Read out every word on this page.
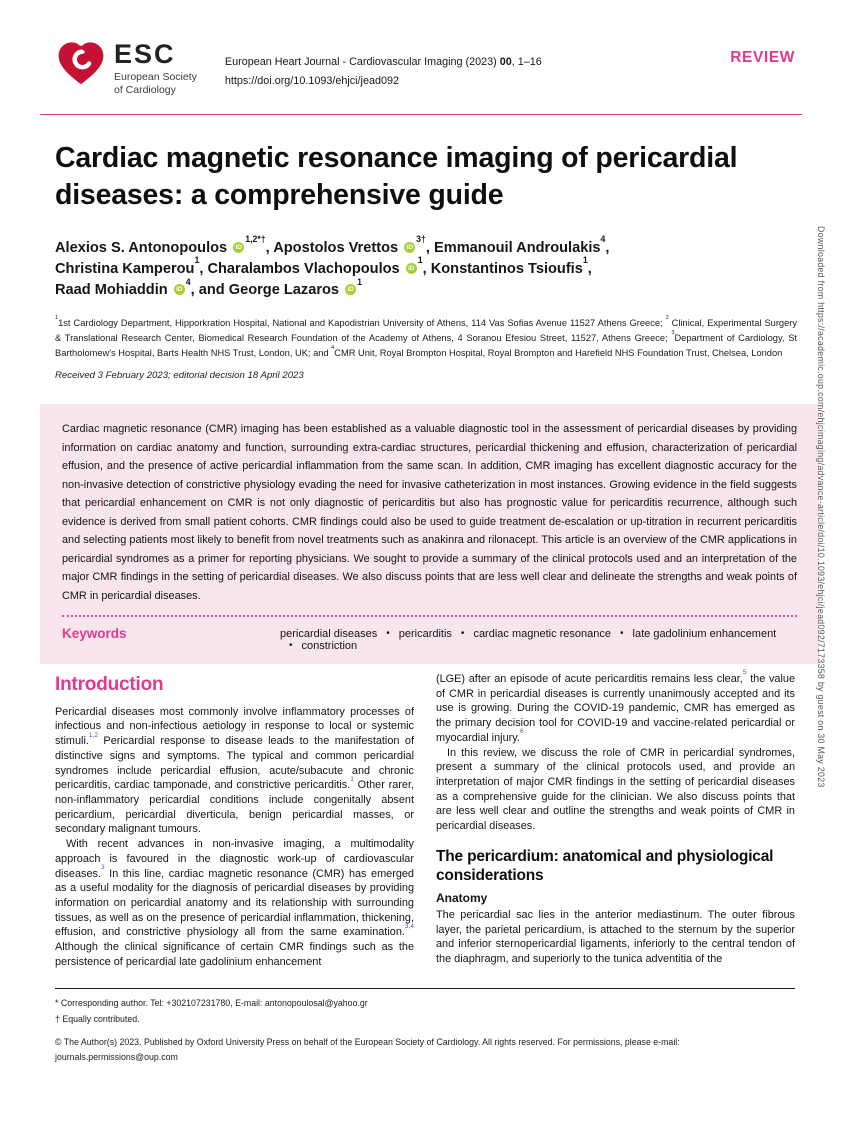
ESC
European Society
of Cardiology
European Heart Journal - Cardiovascular Imaging (2023) 00, 1–16
https://doi.org/10.1093/ehjci/jead092
REVIEW
Cardiac magnetic resonance imaging of pericardial diseases: a comprehensive guide
Alexios S. Antonopoulos $iD^{1,2*\dagger}$, Apostolos Vrettos $iD^{3\dagger}$, Emmanouil Androulakis$^4$,
Christina Kamperou$^1$, Charalambos Vlachopoulos $iD^1$, Konstantinos Tsioufis$^1$,
Raad Mohiaddin $iD^4$, and George Lazaros $iD^1$
$^1$1st Cardiology Department, Hipporkration Hospital, National and Kapodistrian University of Athens, 114 Vas Sofias Avenue 11527 Athens Greece; $^2$ Clinical, Experimental Surgery & Translational Research Center, Biomedical Research Foundation of the Academy of Athens, 4 Soranou Efesiou Street, 11527, Athens Greece; $^3$Department of Cardiology, St Bartholomew's Hospital, Barts Health NHS Trust, London, UK; and $^4$CMR Unit, Royal Brompton Hospital, Royal Brompton and Harefield NHS Foundation Trust, Chelsea, London
Received 3 February 2023; editorial decision 18 April 2023
Cardiac magnetic resonance (CMR) imaging has been established as a valuable diagnostic tool in the assessment of pericardial diseases by providing information on cardiac anatomy and function, surrounding extra-cardiac structures, pericardial thickening and effusion, characterization of pericardial effusion, and the presence of active pericardial inflammation from the same scan. In addition, CMR imaging has excellent diagnostic accuracy for the non-invasive detection of constrictive physiology evading the need for invasive catheterization in most instances. Growing evidence in the field suggests that pericardial enhancement on CMR is not only diagnostic of pericarditis but also has prognostic value for pericarditis recurrence, although such evidence is derived from small patient cohorts. CMR findings could also be used to guide treatment de-escalation or up-titration in recurrent pericarditis and selecting patients most likely to benefit from novel treatments such as anakinra and rilonacept. This article is an overview of the CMR applications in pericardial syndromes as a primer for reporting physicians. We sought to provide a summary of the clinical protocols used and an interpretation of the major CMR findings in the setting of pericardial diseases. We also discuss points that are less well clear and delineate the strengths and weak points of CMR in pericardial diseases.
Keywords	pericardial diseases • pericarditis • cardiac magnetic resonance • late gadolinium enhancement• constriction
Introduction

Pericardial diseases most commonly involve inflammatory processes of infectious and non-infectious aetiology in response to local or systemic stimuli.$^{1,2}$ Pericardial response to disease leads to the manifestation of distinctive signs and symptoms. The typical and common pericardial syndromes include pericardial effusion, acute/subacute and chronic pericarditis, cardiac tamponade, and constrictive pericarditis.$^1$ Other rarer, non-inflammatory pericardial conditions include congenitally absent pericardium, pericardial diverticula, benign pericardial masses, or secondary malignant tumours.

With recent advances in non-invasive imaging, a multimodality approach is favoured in the diagnostic work-up of cardiovascular diseases.$^3$ In this line, cardiac magnetic resonance (CMR) has emerged as a useful modality for the diagnosis of pericardial diseases by providing information on pericardial anatomy and its relationship with surrounding tissues, as well as on the presence of pericardial inflammation, thickening, effusion, and constrictive physiology all from the same examination.$^{3,4}$ Although the clinical significance of certain CMR findings such as the persistence of pericardial late gadolinium enhancement

(LGE) after an episode of acute pericarditis remains less clear,$^5$ the value of CMR in pericardial diseases is currently unanimously accepted and its use is growing. During the COVID-19 pandemic, CMR has emerged as the primary decision tool for COVID-19 and vaccine-related pericardial or myocardial injury.$^6$

In this review, we discuss the role of CMR in pericardial syndromes, present a summary of the clinical protocols used, and provide an interpretation of major CMR findings in the setting of pericardial diseases as a comprehensive guide for the clinician. We also discuss points that are less well clear and outline the strengths and weak points of CMR in pericardial diseases.

The pericardium: anatomical and physiological considerations
Anatomy

The pericardial sac lies in the anterior mediastinum. The outer fibrous layer, the parietal pericardium, is attached to the sternum by the superior and inferior sternopericardial ligaments, inferiorly to the central tendon of the diaphragm, and superiorly to the tunica adventitia of the

* Corresponding author. Tel: +302107231780, E-mail: antonopoulosal@yahoo.gr
† Equally contributed.
© The Author(s) 2023. Published by Oxford University Press on behalf of the European Society of Cardiology. All rights reserved. For permissions, please e-mail: journals.permissions@oup.com
Downloaded from https://academic.oup.com/ehjcimaging/advance-article/doi/10.1093/ehjci/jead092/7173358 by guest on 30 May 2023
